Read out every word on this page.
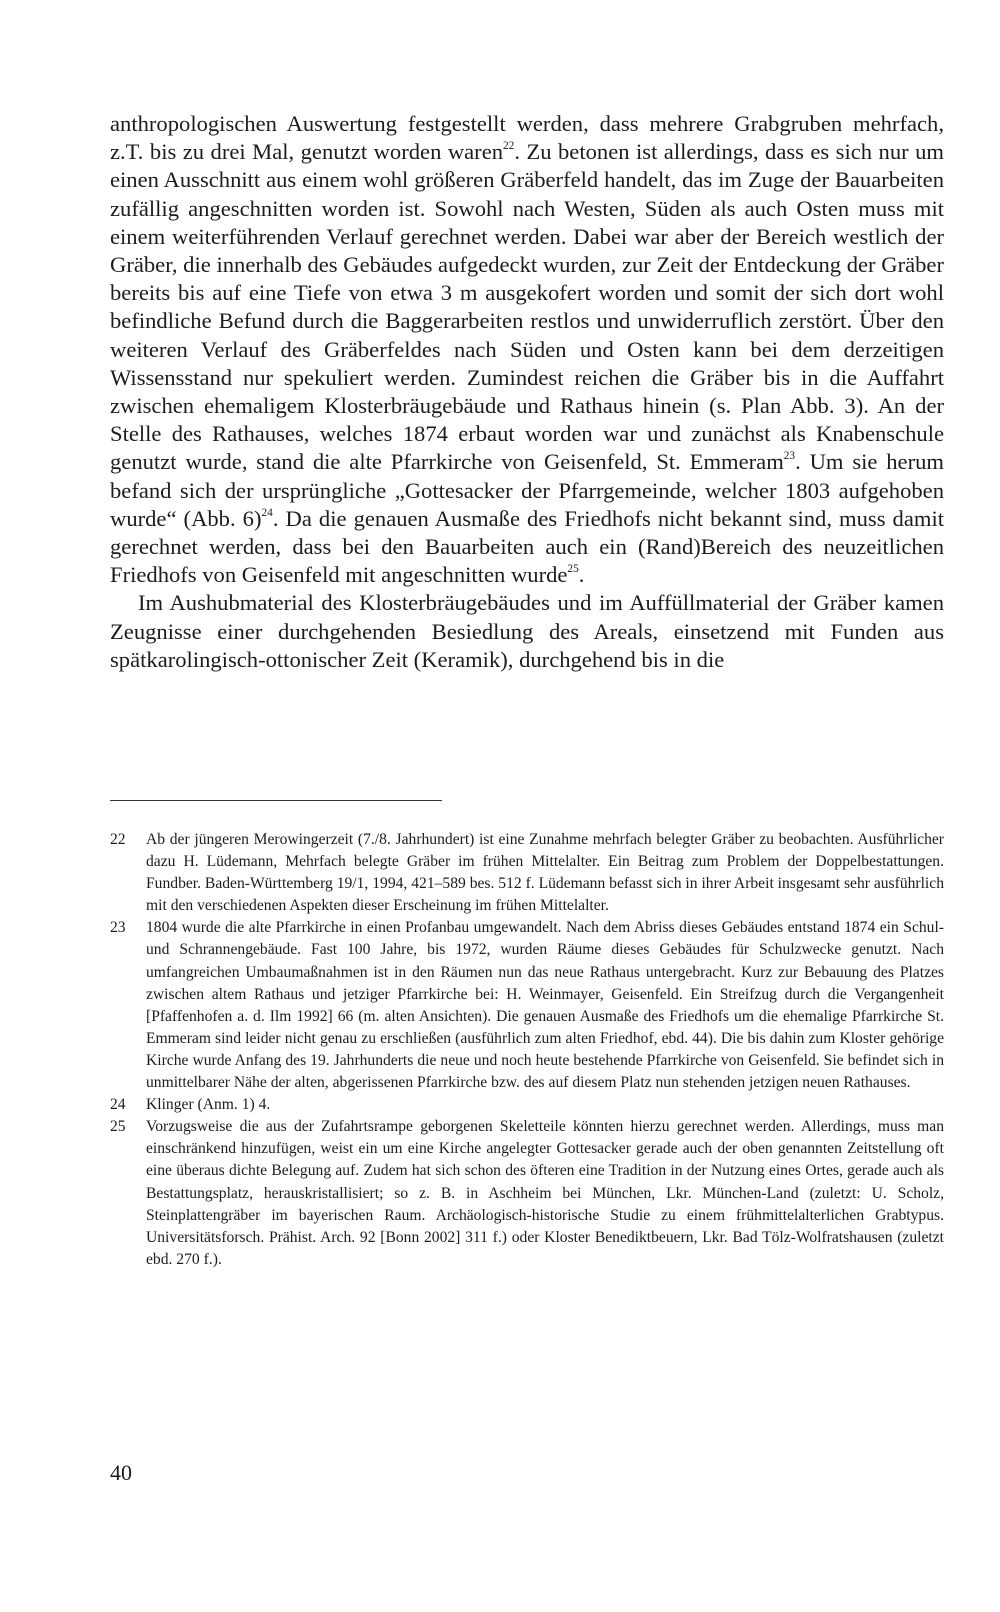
anthropologischen Auswertung festgestellt werden, dass mehrere Grabgruben mehrfach, z.T. bis zu drei Mal, genutzt worden waren$^{22}$. Zu betonen ist allerdings, dass es sich nur um einen Ausschnitt aus einem wohl größeren Gräberfeld handelt, das im Zuge der Bauarbeiten zufällig angeschnitten worden ist. Sowohl nach Westen, Süden als auch Osten muss mit einem weiterführenden Verlauf gerechnet werden. Dabei war aber der Bereich westlich der Gräber, die innerhalb des Gebäudes aufgedeckt wurden, zur Zeit der Entdeckung der Gräber bereits bis auf eine Tiefe von etwa 3 m ausgekofert worden und somit der sich dort wohl befindliche Befund durch die Baggerarbeiten restlos und unwiderruflich zerstört. Über den weiteren Verlauf des Gräberfeldes nach Süden und Osten kann bei dem derzeitigen Wissensstand nur spekuliert werden. Zumindest reichen die Gräber bis in die Auffahrt zwischen ehemaligem Klosterbräugebäude und Rathaus hinein (s. Plan Abb. 3). An der Stelle des Rathauses, welches 1874 erbaut worden war und zunächst als Knabenschule genutzt wurde, stand die alte Pfarrkirche von Geisenfeld, St. Emmeram$^{23}$. Um sie herum befand sich der ursprüngliche „Gottesacker der Pfarrgemeinde, welcher 1803 aufgehoben wurde“ (Abb. 6)$^{24}$. Da die genauen Ausmaße des Friedhofs nicht bekannt sind, muss damit gerechnet werden, dass bei den Bauarbeiten auch ein (Rand)Bereich des neuzeitlichen Friedhofs von Geisenfeld mit angeschnitten wurde$^{25}$.

Im Aushubmaterial des Klosterbräugebäudes und im Auffüllmaterial der Gräber kamen Zeugnisse einer durchgehenden Besiedlung des Areals, einsetzend mit Funden aus spätkarolingisch-ottonischer Zeit (Keramik), durchgehend bis in die

22	Ab der jüngeren Merowingerzeit (7./8. Jahrhundert) ist eine Zunahme mehrfach belegter Gräber zu beobachten. Ausführlicher dazu H. Lüdemann, Mehrfach belegte Gräber im frühen Mittelalter. Ein Beitrag zum Problem der Doppelbestattungen. Fundber. Baden-Württemberg 19/1, 1994, 421–589 bes. 512 f. Lüdemann befasst sich in ihrer Arbeit insgesamt sehr ausführlich mit den verschiedenen Aspekten dieser Erscheinung im frühen Mittelalter.
23	1804 wurde die alte Pfarrkirche in einen Profanbau umgewandelt. Nach dem Abriss dieses Gebäudes entstand 1874 ein Schul- und Schrannengebäude. Fast 100 Jahre, bis 1972, wurden Räume dieses Gebäudes für Schulzwecke genutzt. Nach umfangreichen Umbaumaßnahmen ist in den Räumen nun das neue Rathaus untergebracht. Kurz zur Bebauung des Platzes zwischen altem Rathaus und jetziger Pfarrkirche bei: H. Weinmayer, Geisenfeld. Ein Streifzug durch die Vergangenheit [Pfaffenhofen a. d. Ilm 1992] 66 (m. alten Ansichten). Die genauen Ausmaße des Friedhofs um die ehemalige Pfarrkirche St. Emmeram sind leider nicht genau zu erschließen (ausführlich zum alten Friedhof, ebd. 44). Die bis dahin zum Kloster gehörige Kirche wurde Anfang des 19. Jahrhunderts die neue und noch heute bestehende Pfarrkirche von Geisenfeld. Sie befindet sich in unmittelbarer Nähe der alten, abgerissenen Pfarrkirche bzw. des auf diesem Platz nun stehenden jetzigen neuen Rathauses.
24	Klinger (Anm. 1) 4.
25	Vorzugsweise die aus der Zufahrtsrampe geborgenen Skeletteile könnten hierzu gerechnet werden. Allerdings, muss man einschränkend hinzufügen, weist ein um eine Kirche angelegter Gottesacker gerade auch der oben genannten Zeitstellung oft eine überaus dichte Belegung auf. Zudem hat sich schon des öfteren eine Tradition in der Nutzung eines Ortes, gerade auch als Bestattungsplatz, herauskristallisiert; so z. B. in Aschheim bei München, Lkr. München-Land (zuletzt: U. Scholz, Steinplattengräber im bayerischen Raum. Archäologisch-historische Studie zu einem frühmittelalterlichen Grabtypus. Universitätsforsch. Prähist. Arch. 92 [Bonn 2002] 311 f.) oder Kloster Benediktbeuern, Lkr. Bad Tölz-Wolfratshausen (zuletzt ebd. 270 f.).
40
